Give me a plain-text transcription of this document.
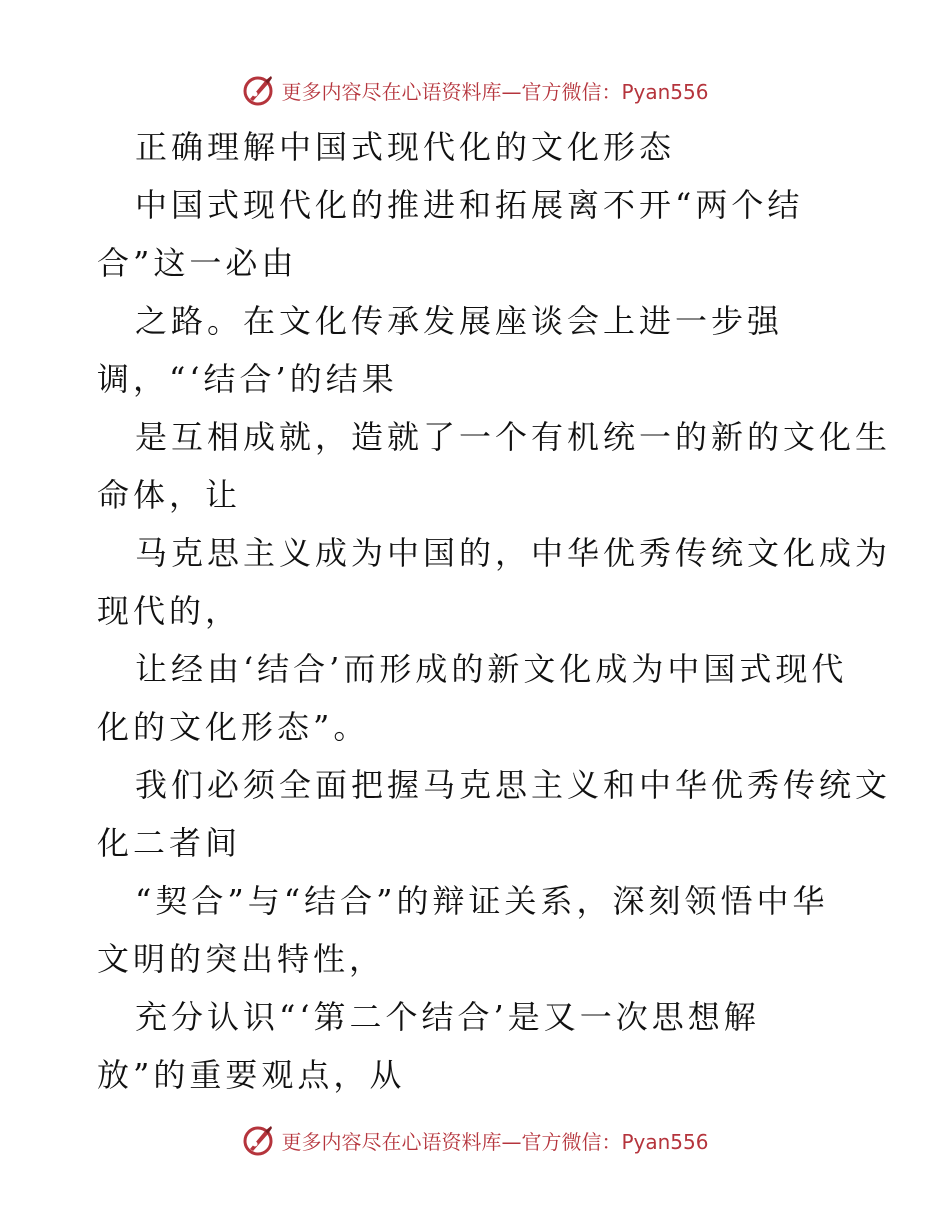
更多内容尽在心语资料库—官方微信：Pyan556
正确理解中国式现代化的文化形态
中国式现代化的推进和拓展离不开“两个结
合”这一必由
之路。在文化传承发展座谈会上进一步强
调，“‘结合’的结果
是互相成就，造就了一个有机统一的新的文化生
命体，让
马克思主义成为中国的，中华优秀传统文化成为
现代的，
让经由‘结合’而形成的新文化成为中国式现代
化的文化形态”。
我们必须全面把握马克思主义和中华优秀传统文
化二者间
“契合”与“结合”的辩证关系，深刻领悟中华
文明的突出特性，
充分认识“‘第二个结合’是又一次思想解
放”的重要观点，从
更多内容尽在心语资料库—官方微信：Pyan556
